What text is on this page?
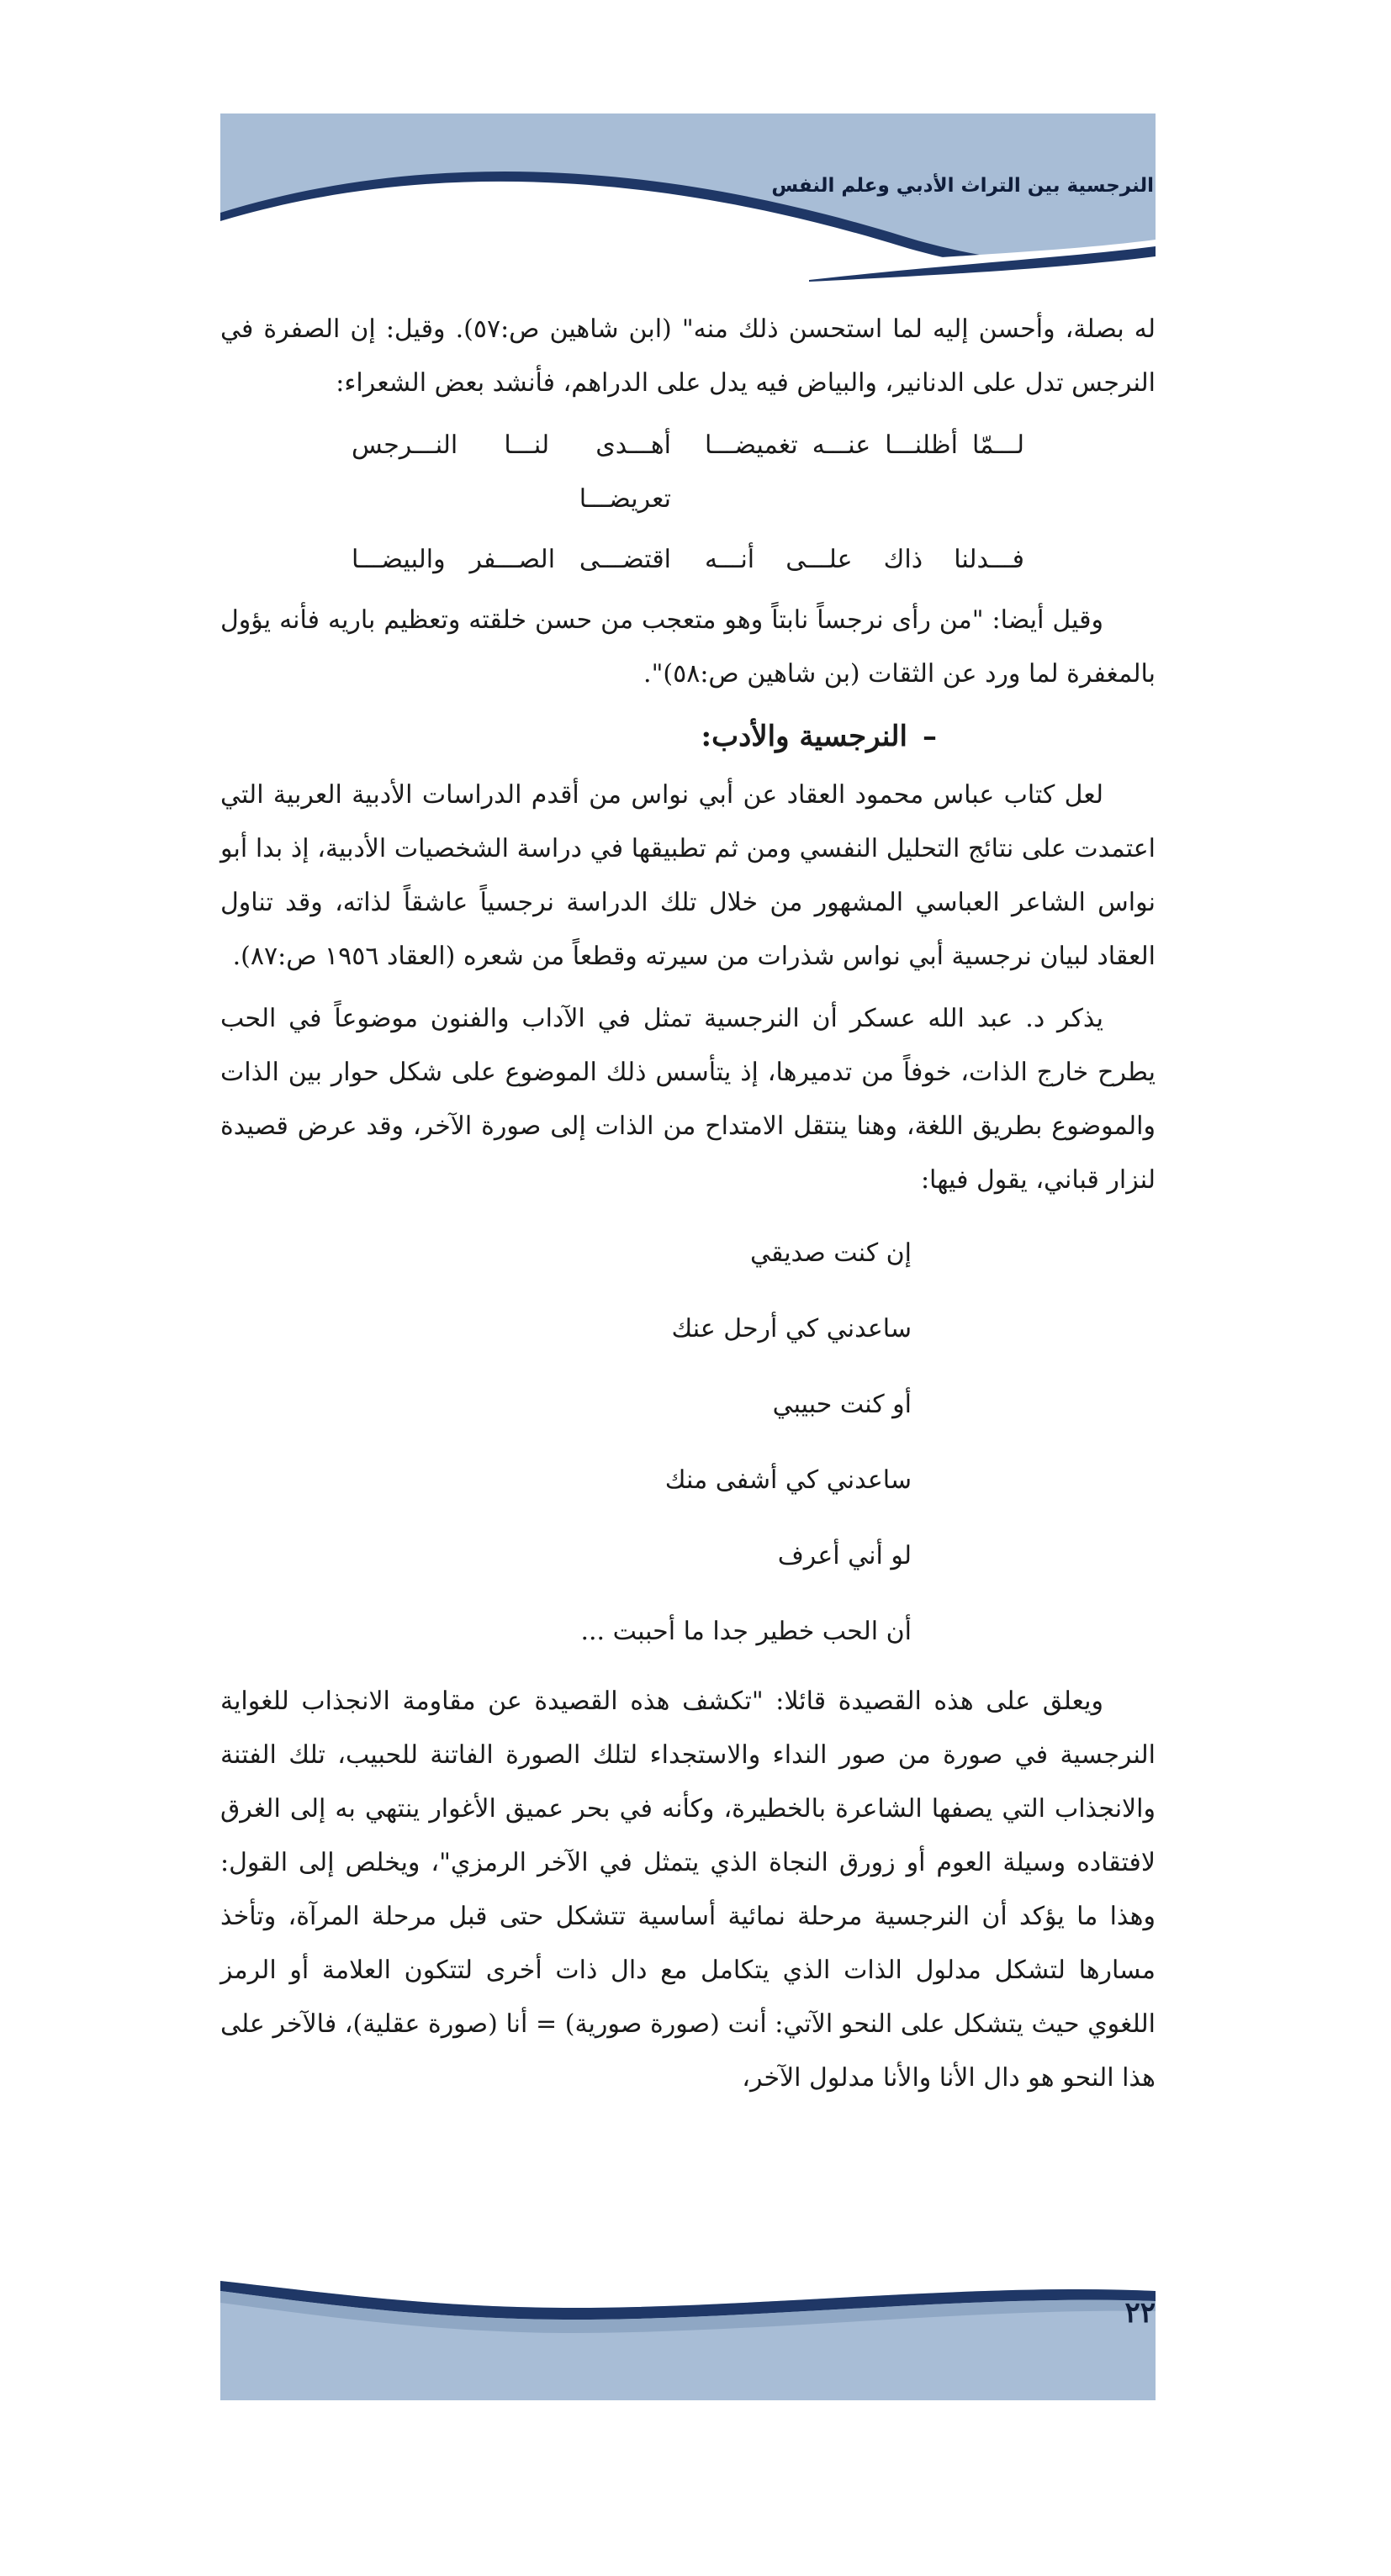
النرجسية بين التراث الأدبي وعلم النفس

له بصلة، وأحسن إليه لما استحسن ذلك منه" (ابن شاهين ص:٥٧). وقيل: إن الصفرة في النرجس تدل على الدنانير، والبياض فيه يدل على الدراهم، فأنشد بعض الشعراء:

لـــمّا أظلنـــا عنـــه تغميضـــا
أهـــدى لنـــا النـــرجس تعريضـــا
فـــدلنا ذاك علـــى أنـــه
اقتضـــى الصـــفر والبيضـــا

وقيل أيضا: "من رأى نرجساً نابتاً وهو متعجب من حسن خلقته وتعظيم باريه فأنه يؤول بالمغفرة لما ورد عن الثقات (بن شاهين ص:٥٨)".

–النرجسية والأدب:

لعل كتاب عباس محمود العقاد عن أبي نواس من أقدم الدراسات الأدبية العربية التي اعتمدت على نتائج التحليل النفسي ومن ثم تطبيقها في دراسة الشخصيات الأدبية، إذ بدا أبو نواس الشاعر العباسي المشهور من خلال تلك الدراسة نرجسياً عاشقاً لذاته، وقد تناول العقاد لبيان نرجسية أبي نواس شذرات من سيرته وقطعاً من شعره (العقاد ١٩٥٦ ص:٨٧).

يذكر د. عبد الله عسكر أن النرجسية تمثل في الآداب والفنون موضوعاً في الحب يطرح خارج الذات، خوفاً من تدميرها، إذ يتأسس ذلك الموضوع على شكل حوار بين الذات والموضوع بطريق اللغة، وهنا ينتقل الامتداح من الذات إلى صورة الآخر، وقد عرض قصيدة لنزار قباني، يقول فيها:

إن كنت صديقي
ساعدني كي أرحل عنك
أو كنت حبيبي
ساعدني كي أشفى منك
لو أني أعرف
أن الحب خطير جدا ما أحببت ...

ويعلق على هذه القصيدة قائلا: "تكشف هذه القصيدة عن مقاومة الانجذاب للغواية النرجسية في صورة من صور النداء والاستجداء لتلك الصورة الفاتنة للحبيب، تلك الفتنة والانجذاب التي يصفها الشاعرة بالخطيرة، وكأنه في بحر عميق الأغوار ينتهي به إلى الغرق لافتقاده وسيلة العوم أو زورق النجاة الذي يتمثل في الآخر الرمزي"، ويخلص إلى القول: وهذا ما يؤكد أن النرجسية مرحلة نمائية أساسية تتشكل حتى قبل مرحلة المرآة، وتأخذ مسارها لتشكل مدلول الذات الذي يتكامل مع دال ذات أخرى لتتكون العلامة أو الرمز اللغوي حيث يتشكل على النحو الآتي: أنت (صورة صورية) = أنا (صورة عقلية)، فالآخر على هذا النحو هو دال الأنا والأنا مدلول الآخر،

٢٢
